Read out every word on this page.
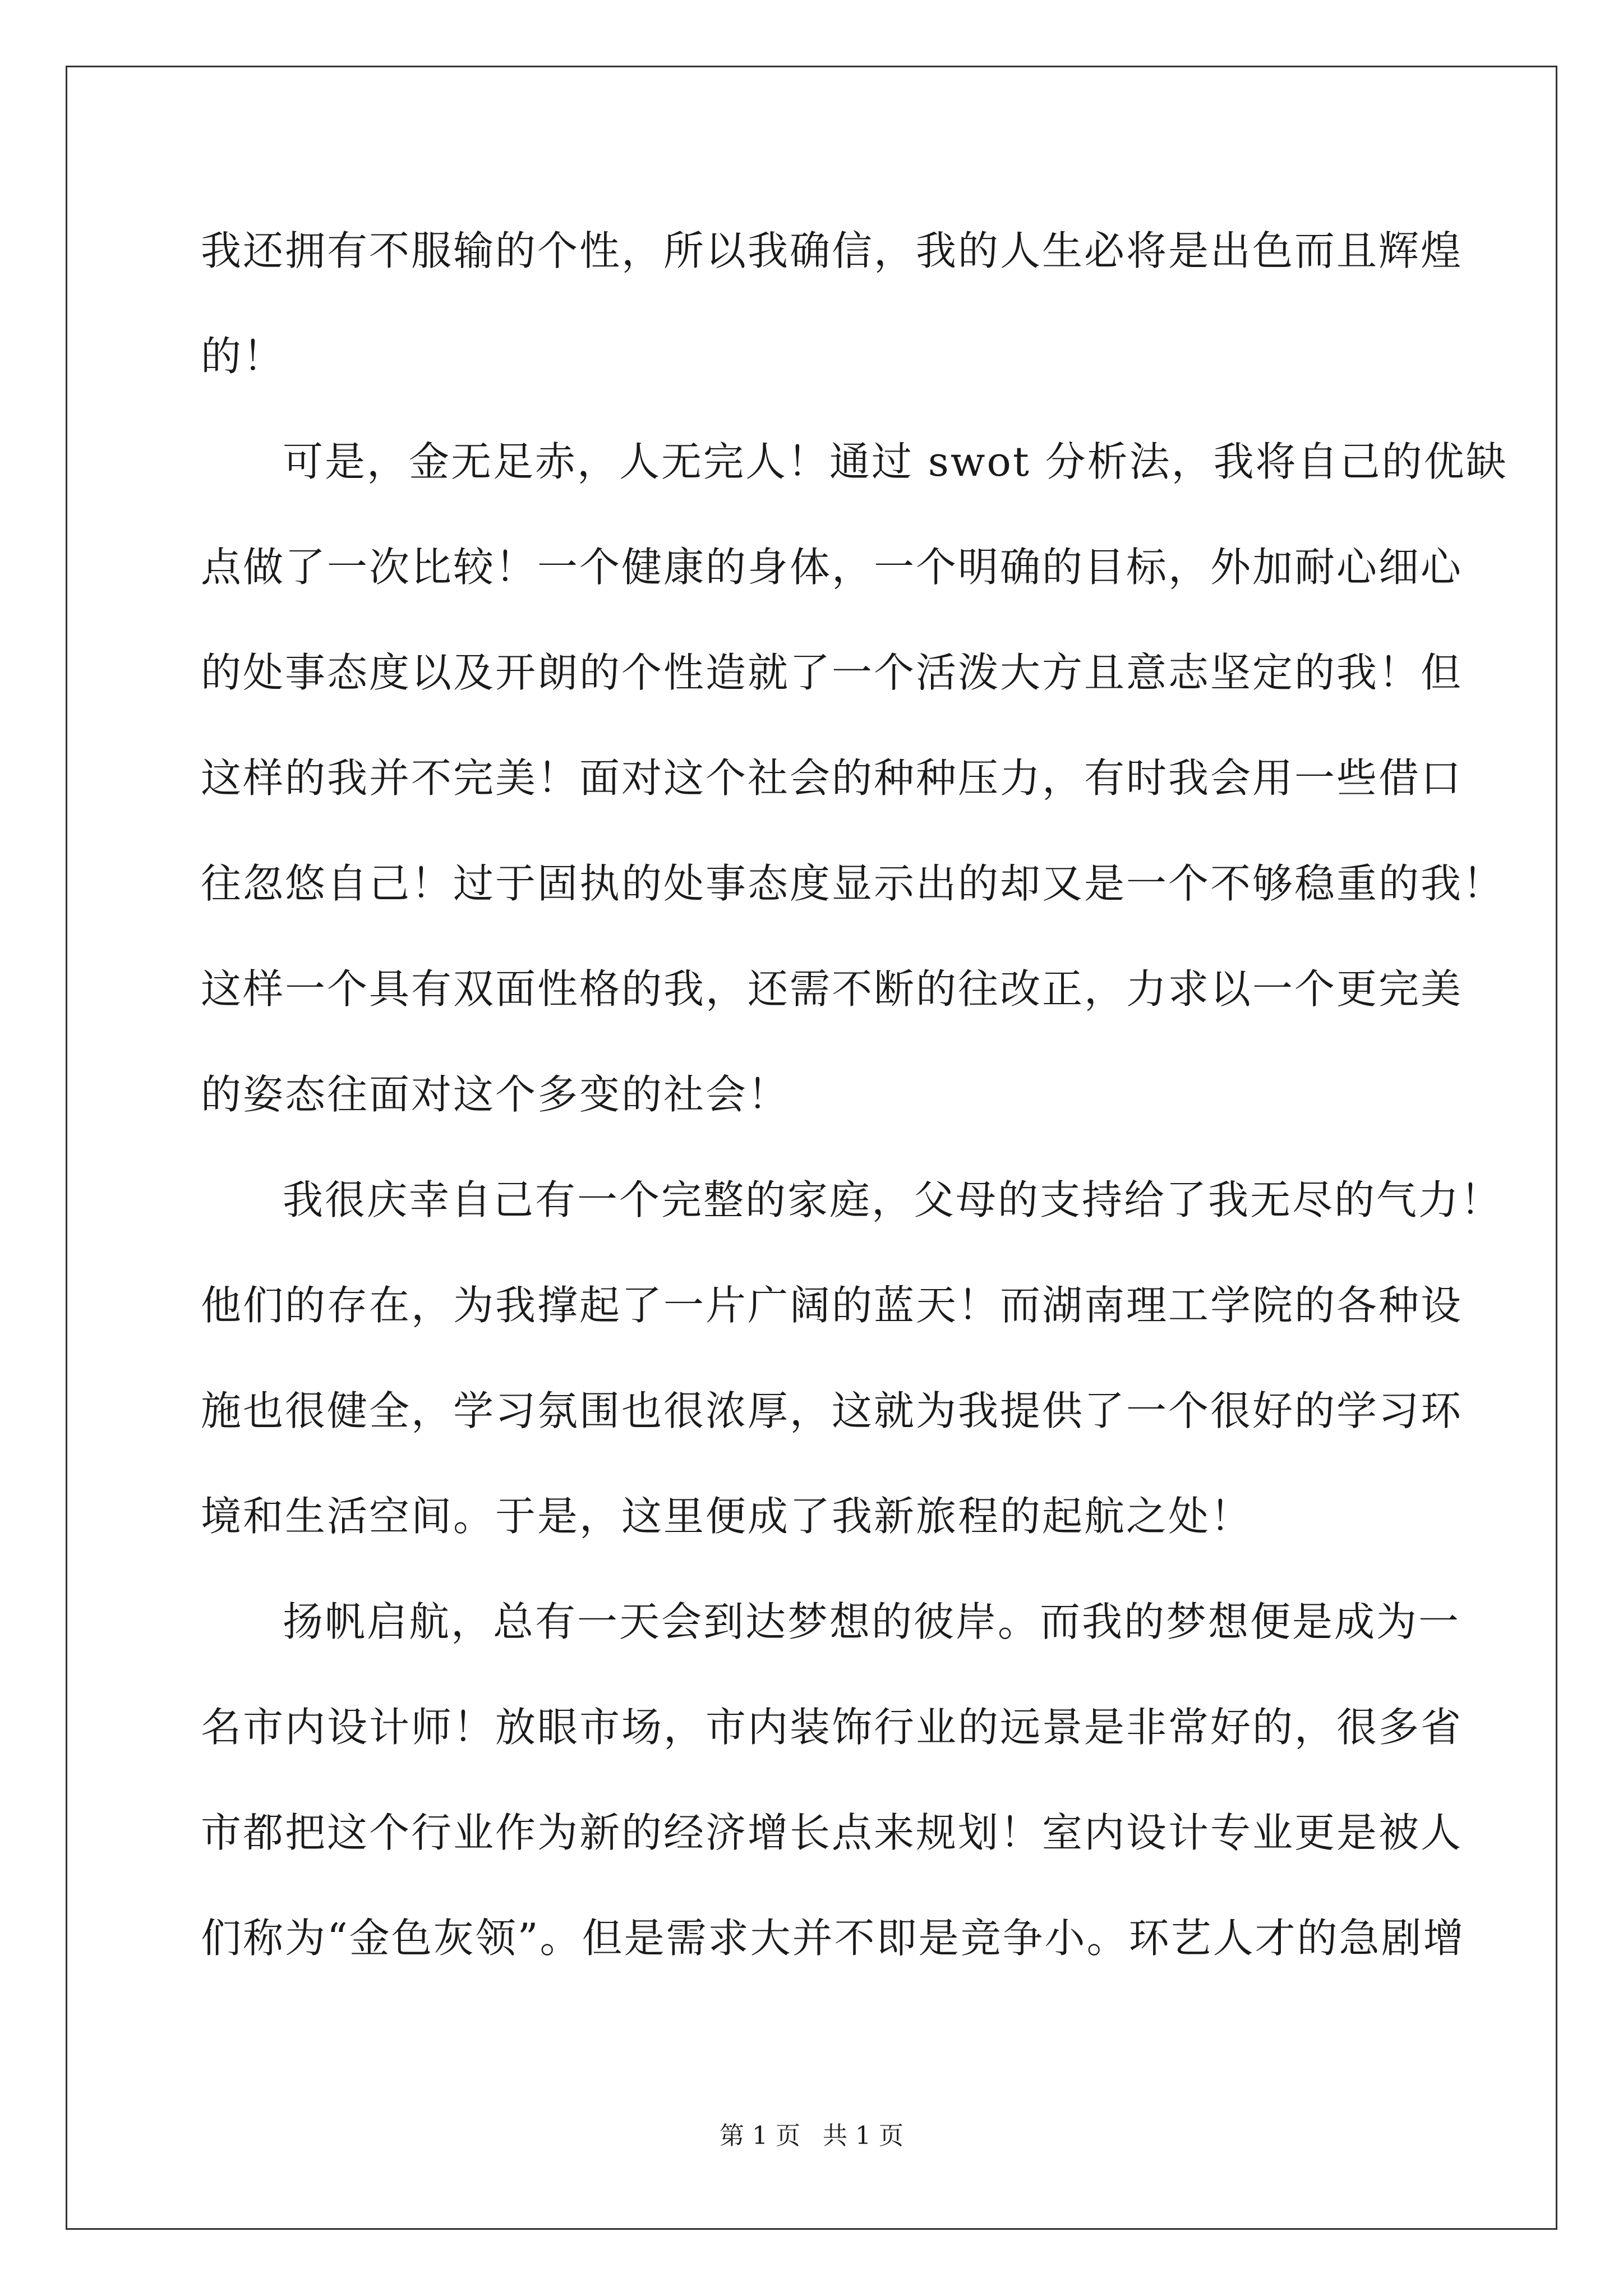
我还拥有不服输的个性，所以我确信，我的人生必将是出色而且辉煌
的！
可是，金无足赤，人无完人！通过 swot 分析法，我将自己的优缺
点做了一次比较！一个健康的身体，一个明确的目标，外加耐心细心
的处事态度以及开朗的个性造就了一个活泼大方且意志坚定的我！但
这样的我并不完美！面对这个社会的种种压力，有时我会用一些借口
往忽悠自己！过于固执的处事态度显示出的却又是一个不够稳重的我！
这样一个具有双面性格的我，还需不断的往改正，力求以一个更完美
的姿态往面对这个多变的社会！
我很庆幸自己有一个完整的家庭，父母的支持给了我无尽的气力！
他们的存在，为我撑起了一片广阔的蓝天！而湖南理工学院的各种设
施也很健全，学习氛围也很浓厚，这就为我提供了一个很好的学习环
境和生活空间。于是，这里便成了我新旅程的起航之处！
扬帆启航，总有一天会到达梦想的彼岸。而我的梦想便是成为一
名市内设计师！放眼市场，市内装饰行业的远景是非常好的，很多省
市都把这个行业作为新的经济增长点来规划！室内设计专业更是被人
们称为“金色灰领”。但是需求大并不即是竞争小。环艺人才的急剧增
第 1 页 共 1 页
